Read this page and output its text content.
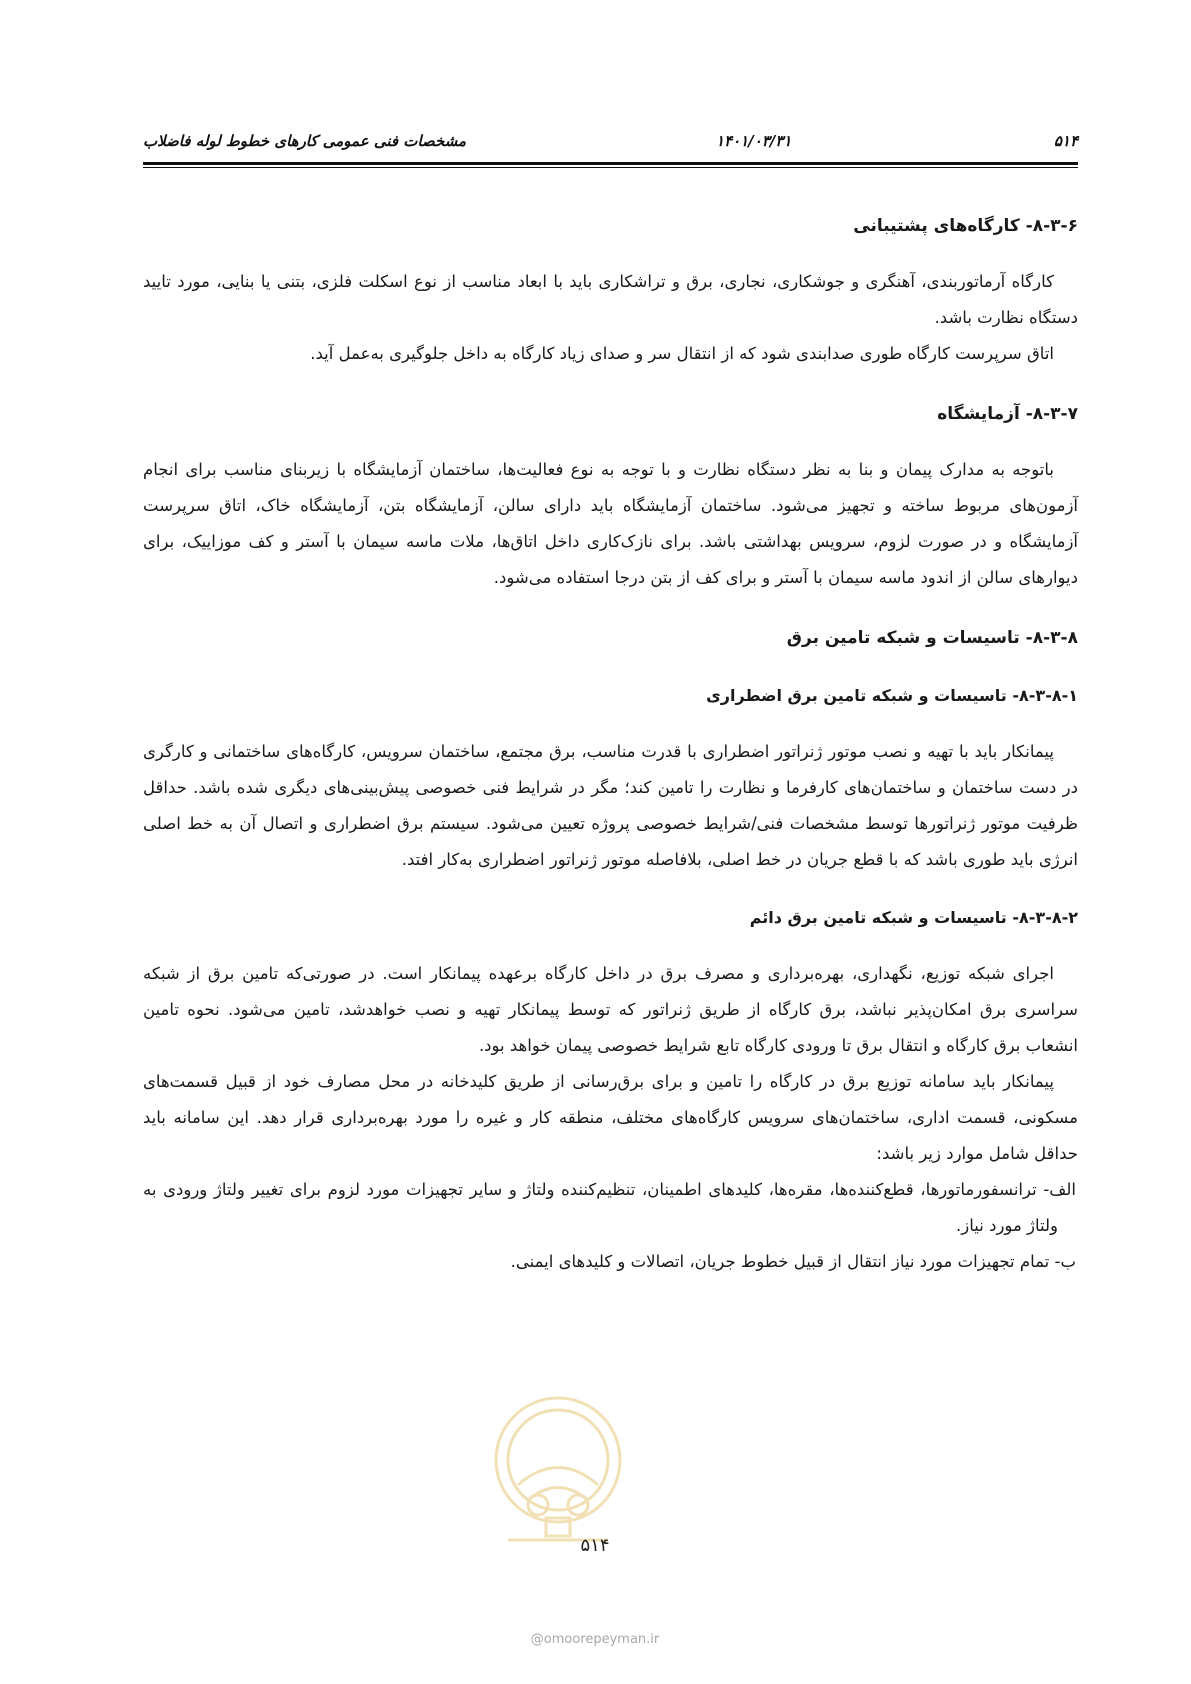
۵۱۴
۱۴۰۱/۰۳/۳۱
مشخصات فنی عمومی کارهای خطوط لوله فاضلاب
۸-۳-۶- کارگاه‌های پشتیبانی

کارگاه آرماتوربندی، آهنگری و جوشکاری، نجاری، برق و تراشکاری باید با ابعاد مناسب از نوع اسکلت فلزی، بتنی یا بنایی، مورد تایید دستگاه نظارت باشد.

اتاق سرپرست کارگاه طوری صدابندی شود که از انتقال سر و صدای زیاد کارگاه به داخل جلوگیری به‌عمل آید.

۸-۳-۷- آزمایشگاه

باتوجه به مدارک پیمان و بنا به نظر دستگاه نظارت و با توجه به نوع فعالیت‌ها، ساختمان آزمایشگاه با زیربنای مناسب برای انجام آزمون‌های مربوط ساخته و تجهیز می‌شود. ساختمان آزمایشگاه باید دارای سالن، آزمایشگاه بتن، آزمایشگاه خاک، اتاق سرپرست آزمایشگاه و در صورت لزوم، سرویس بهداشتی باشد. برای نازک‌کاری داخل اتاق‌ها، ملات ماسه سیمان با آستر و کف موزاییک، برای دیوارهای سالن از اندود ماسه سیمان با آستر و برای کف از بتن درجا استفاده می‌شود.

۸-۳-۸- تاسیسات و شبکه تامین برق
۸-۳-۸-۱- تاسیسات و شبکه تامین برق اضطراری

پیمانکار باید با تهیه و نصب موتور ژنراتور اضطراری با قدرت مناسب، برق مجتمع، ساختمان سرویس، کارگاه‌های ساختمانی و کارگری در دست ساختمان و ساختمان‌های کارفرما و نظارت را تامین کند؛ مگر در شرایط فنی خصوصی پیش‌بینی‌های دیگری شده باشد. حداقل ظرفیت موتور ژنراتورها توسط مشخصات فنی/شرایط خصوصی پروژه تعیین می‌شود. سیستم برق اضطراری و اتصال آن به خط اصلی انرژی باید طوری باشد که با قطع جریان در خط اصلی، بلافاصله موتور ژنراتور اضطراری به‌کار افتد.

۸-۳-۸-۲- تاسیسات و شبکه تامین برق دائم

اجرای شبکه توزیع، نگهداری، بهره‌برداری و مصرف برق در داخل کارگاه برعهده پیمانکار است. در صورتی‌که تامین برق از شبکه سراسری برق امکان‌پذیر نباشد، برق کارگاه از طریق ژنراتور که توسط پیمانکار تهیه و نصب خواهدشد، تامین می‌شود. نحوه تامین انشعاب برق کارگاه و انتقال برق تا ورودی کارگاه تابع شرایط خصوصی پیمان خواهد بود.

پیمانکار باید سامانه توزیع برق در کارگاه را تامین و برای برق‌رسانی از طریق کلیدخانه در محل مصارف خود از قبیل قسمت‌های مسکونی، قسمت اداری، ساختمان‌های سرویس کارگاه‌های مختلف، منطقه کار و غیره را مورد بهره‌برداری قرار دهد. این سامانه باید حداقل شامل موارد زیر باشد:

الف- ترانسفورماتورها، قطع‌کننده‌ها، مقره‌ها، کلیدهای اطمینان، تنظیم‌کننده ولتاژ و سایر تجهیزات مورد لزوم برای تغییر ولتاژ ورودی به ولتاژ مورد نیاز.

ب- تمام تجهیزات مورد نیاز انتقال از قبیل خطوط جریان، اتصالات و کلیدهای ایمنی.

۵۱۴
@omoorepeyman.ir
